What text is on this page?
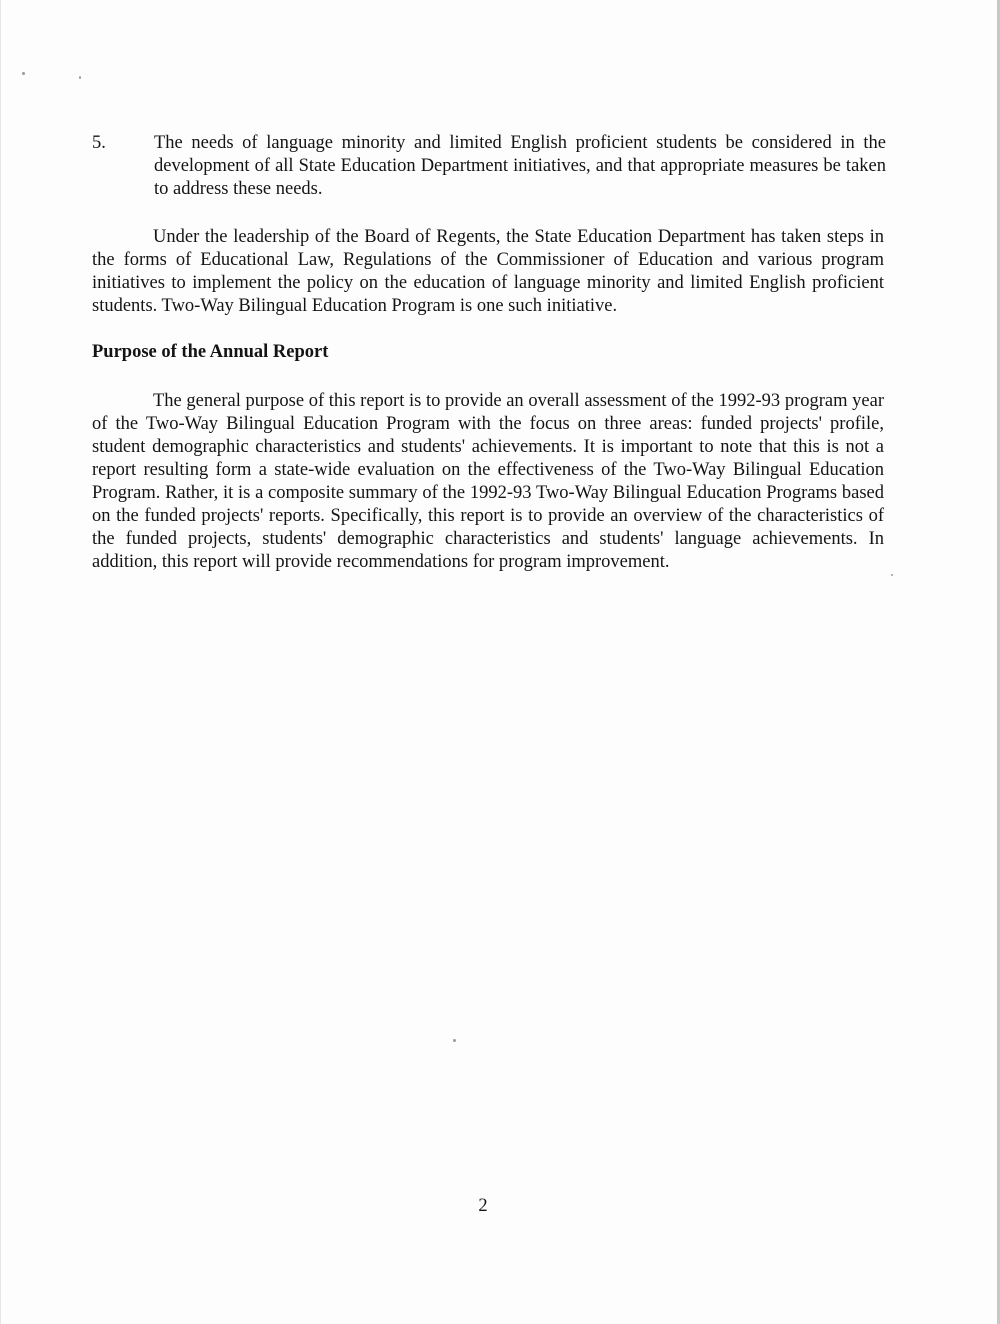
5.	The needs of language minority and limited English proficient students be considered in the development of all State Education Department initiatives, and that appropriate measures be taken to address these needs.

Under the leadership of the Board of Regents, the State Education Department has taken steps in the forms of Educational Law, Regulations of the Commissioner of Education and various program initiatives to implement the policy on the education of language minority and limited English proficient students. Two-Way Bilingual Education Program is one such initiative.

Purpose of the Annual Report

The general purpose of this report is to provide an overall assessment of the 1992-93 program year of the Two-Way Bilingual Education Program with the focus on three areas: funded projects' profile, student demographic characteristics and students' achievements. It is important to note that this is not a report resulting form a state-wide evaluation on the effectiveness of the Two-Way Bilingual Education Program. Rather, it is a composite summary of the 1992-93 Two-Way Bilingual Education Programs based on the funded projects' reports. Specifically, this report is to provide an overview of the characteristics of the funded projects, students' demographic characteristics and students' language achievements. In addition, this report will provide recommendations for program improvement.

2
